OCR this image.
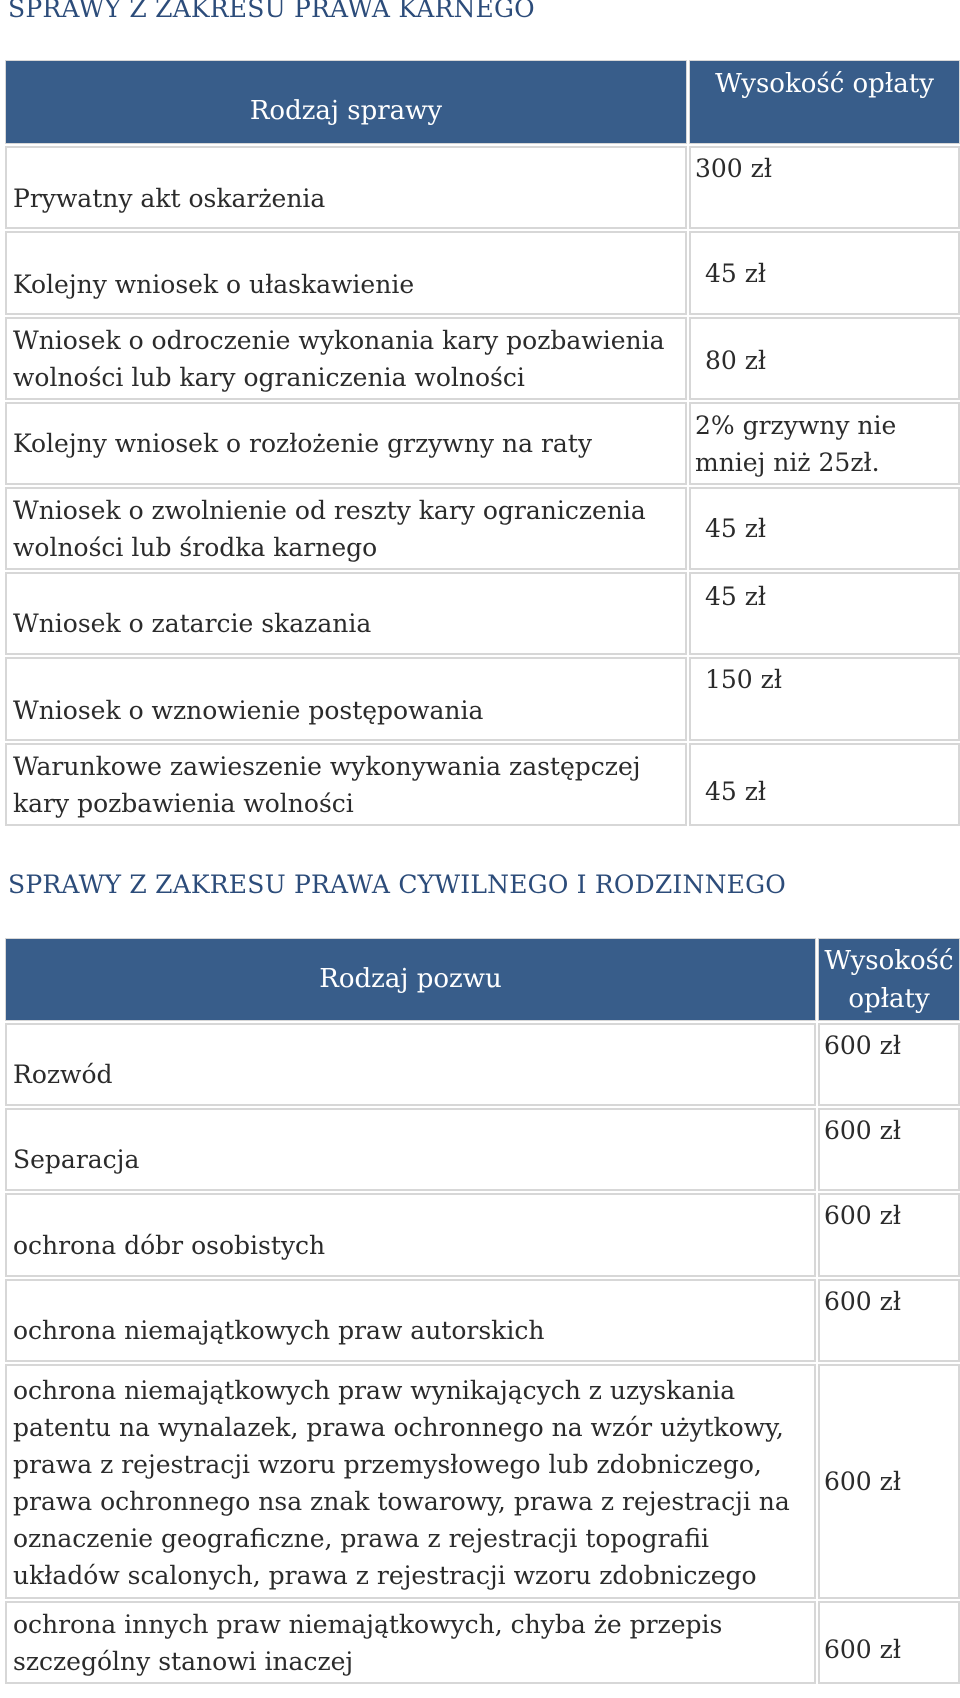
SPRAWY Z ZAKRESU PRAWA KARNEGO
Rodzaj sprawy	Wysokość opłaty
Prywatny akt oskarżenia	300 zł
Kolejny wniosek o ułaskawienie	45 zł
Wniosek o odroczenie wykonania kary pozbawienia wolności lub kary ograniczenia wolności	80 zł
Kolejny wniosek o rozłożenie grzywny na raty	2% grzywny nie mniej niż 25zł.
Wniosek o zwolnienie od reszty kary ograniczenia wolności lub środka karnego	45 zł
Wniosek o zatarcie skazania	45 zł
Wniosek o wznowienie postępowania	150 zł
Warunkowe zawieszenie wykonywania zastępczej kary pozbawienia wolności	45 zł
SPRAWY Z ZAKRESU PRAWA CYWILNEGO I RODZINNEGO
Rodzaj pozwu	Wysokość opłaty
Rozwód	600 zł
Separacja	600 zł
ochrona dóbr osobistych	600 zł
ochrona niemajątkowych praw autorskich	600 zł
ochrona niemajątkowych praw wynikających z uzyskania patentu na wynalazek, prawa ochronnego na wzór użytkowy, prawa z rejestracji wzoru przemysłowego lub zdobniczego, prawa ochronnego nsa znak towarowy, prawa z rejestracji na oznaczenie geograficzne, prawa z rejestracji topografii układów scalonych, prawa z rejestracji wzoru zdobniczego	600 zł
ochrona innych praw niemajątkowych, chyba że przepis szczególny stanowi inaczej	600 zł
